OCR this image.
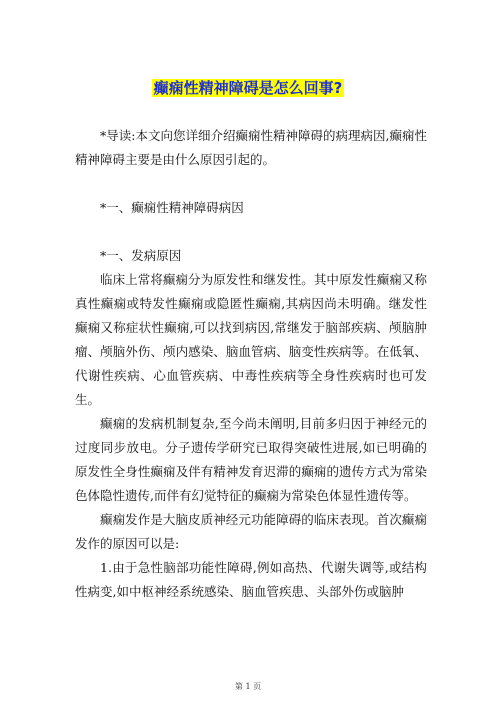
癫痫性精神障碍是怎么回事?

*导读:本文向您详细介绍癫痫性精神障碍的病理病因,癫痫性精神障碍主要是由什么原因引起的。

*一、癫痫性精神障碍病因

*一、发病原因

临床上常将癫痫分为原发性和继发性。其中原发性癫痫又称真性癫痫或特发性癫痫或隐匿性癫痫,其病因尚未明确。继发性癫痫又称症状性癫痫,可以找到病因,常继发于脑部疾病、颅脑肿瘤、颅脑外伤、颅内感染、脑血管病、脑变性疾病等。在低氧、代谢性疾病、心血管疾病、中毒性疾病等全身性疾病时也可发生。

癫痫的发病机制复杂,至今尚未阐明,目前多归因于神经元的过度同步放电。分子遗传学研究已取得突破性进展,如已明确的原发性全身性癫痫及伴有精神发育迟滞的癫痫的遗传方式为常染色体隐性遗传,而伴有幻觉特征的癫痫为常染色体显性遗传等。

癫痫发作是大脑皮质神经元功能障碍的临床表现。首次癫痫发作的原因可以是:

1.由于急性脑部功能性障碍,例如高热、代谢失调等,或结构性病变,如中枢神经系统感染、脑血管疾患、头部外伤或脑肿

第 1 页
